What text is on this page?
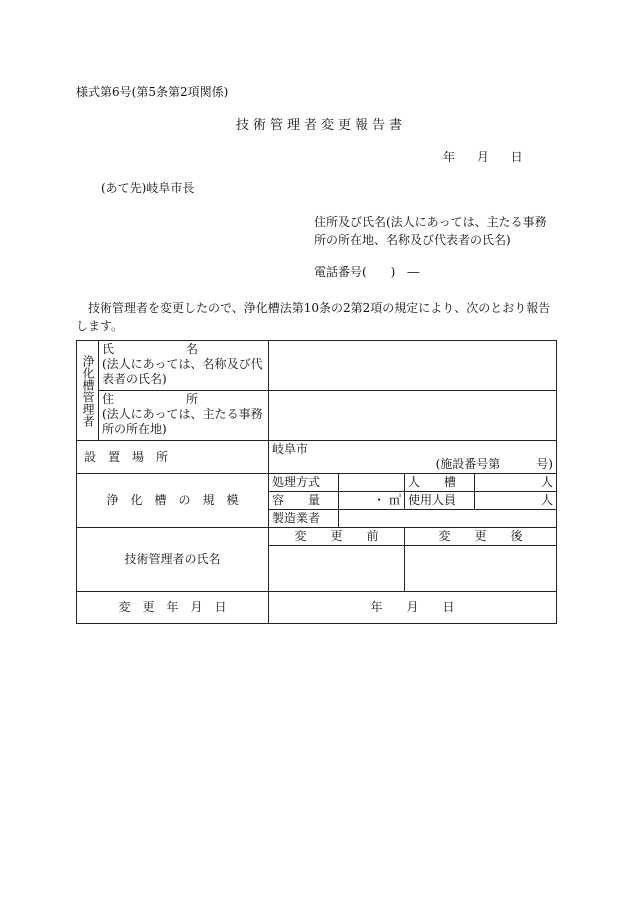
様式第6号(第5条第2項関係)
技術管理者変更報告書
年 月 日
(あて先)岐阜市長
住所及び氏名(法人にあっては、主たる事務所の所在地、名称及び代表者の氏名)
電話番号(　　)　―
技術管理者を変更したので、浄化槽法第10条の2第2項の規定により、次のとおり報告します。
浄化槽管理者	氏　　　　　　名
(法人にあっては、名称及び代表者の氏名)				

	住　　　　　　所
(法人にあっては、主たる事務所の所在地)				

設　置　場　所		岐阜市
(施設番号第　　　号)			

浄　化　槽　の　規　模		処理方式		人　　槽	人
		容　　量	・ ㎥	使用人員	人
		製造業者			
技術管理者の氏名		変　　更　　前		変　　更　　後	

変　更　年　月　日		年　　月　　日			
